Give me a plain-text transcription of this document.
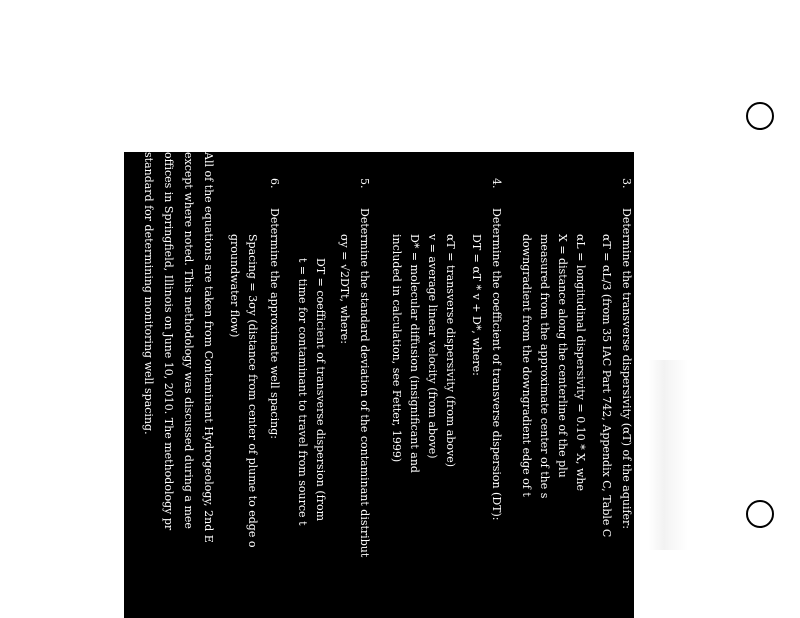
3.
Determine the transverse dispersivity (αT) of the aquifer:
αT = αL/3 (from 35 IAC Part 742, Appendix C, Table C
αL = longitudinal dispersivity = 0.10 * X, whe
X = distance along the centerline of the plu
measured from the approximate center of the s
downgradient from the downgradient edge of t
4.
Determine the coefficient of transverse dispersion (DT):
DT = αT * v + D*, where:
αT = transverse dispersivity (from above)
v = average linear velocity (from above)
D* = molecular diffusion (insignificant and
included in calculation, see Fetter, 1999)
5.
Determine the standard deviation of the contaminant distribut
σy = √2DTt, where:
DT = coefficient of transverse dispersion (from
t = time for contaminant to travel from source t
6.
Determine the approximate well spacing:
Spacing = 3σy (distance from center of plume to edge o
groundwater flow)
All of the equations are taken from Contaminant Hydrogeology, 2nd E
except where noted. This methodology was discussed during a mee
offices in Springfield, Illinois on June 10, 2010. The methodology pr
standard for determining monitoring well spacing.
